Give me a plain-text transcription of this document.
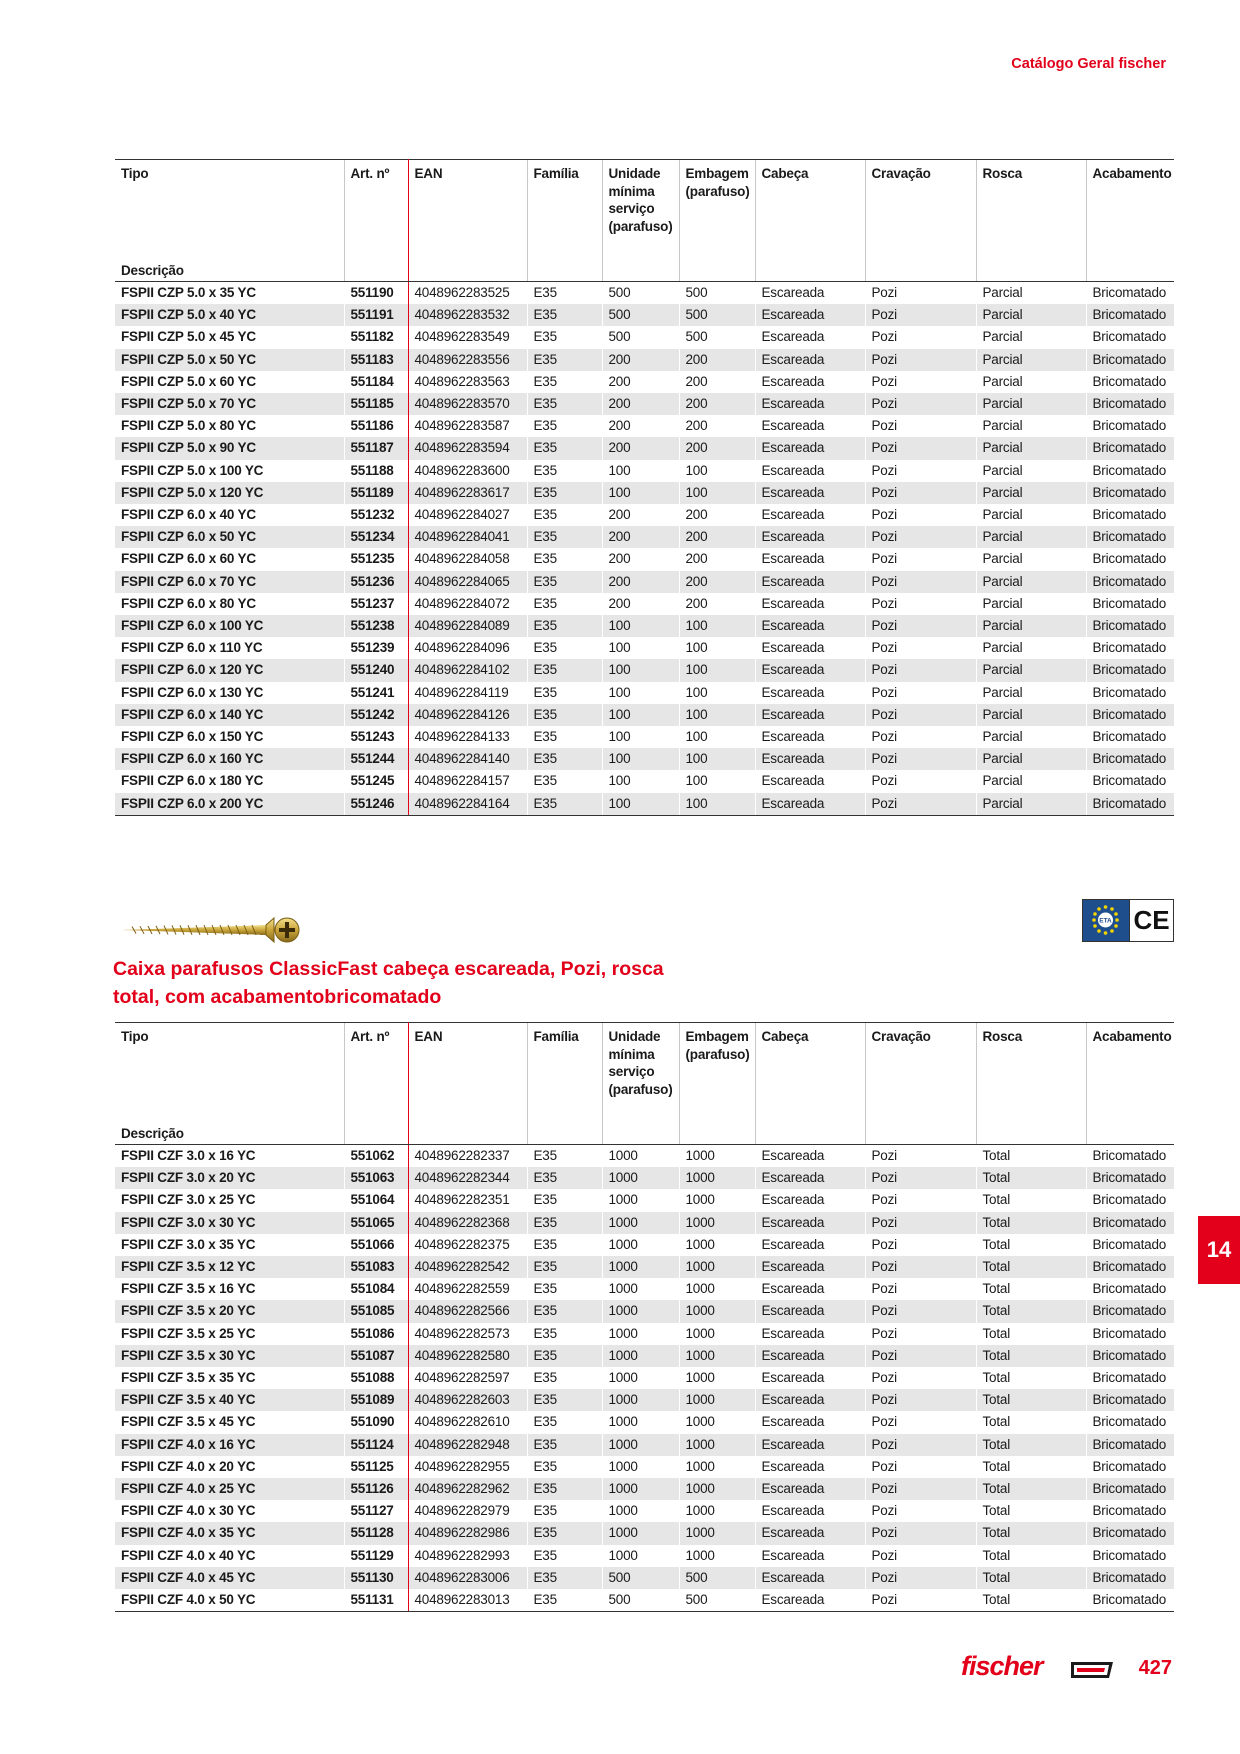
Catálogo Geral fischer
Tipo
Descrição	Art. nº	EAN	Família	Unidade mínima serviço (parafuso)	Embagem (parafuso)	Cabeça	Cravação	Rosca	Acabamento
FSPII CZP 5.0 x 35 YC	551190	4048962283525	E35	500	500	Escareada	Pozi	Parcial	Bricomatado
FSPII CZP 5.0 x 40 YC	551191	4048962283532	E35	500	500	Escareada	Pozi	Parcial	Bricomatado
FSPII CZP 5.0 x 45 YC	551182	4048962283549	E35	500	500	Escareada	Pozi	Parcial	Bricomatado
FSPII CZP 5.0 x 50 YC	551183	4048962283556	E35	200	200	Escareada	Pozi	Parcial	Bricomatado
FSPII CZP 5.0 x 60 YC	551184	4048962283563	E35	200	200	Escareada	Pozi	Parcial	Bricomatado
FSPII CZP 5.0 x 70 YC	551185	4048962283570	E35	200	200	Escareada	Pozi	Parcial	Bricomatado
FSPII CZP 5.0 x 80 YC	551186	4048962283587	E35	200	200	Escareada	Pozi	Parcial	Bricomatado
FSPII CZP 5.0 x 90 YC	551187	4048962283594	E35	200	200	Escareada	Pozi	Parcial	Bricomatado
FSPII CZP 5.0 x 100 YC	551188	4048962283600	E35	100	100	Escareada	Pozi	Parcial	Bricomatado
FSPII CZP 5.0 x 120 YC	551189	4048962283617	E35	100	100	Escareada	Pozi	Parcial	Bricomatado
FSPII CZP 6.0 x 40 YC	551232	4048962284027	E35	200	200	Escareada	Pozi	Parcial	Bricomatado
FSPII CZP 6.0 x 50 YC	551234	4048962284041	E35	200	200	Escareada	Pozi	Parcial	Bricomatado
FSPII CZP 6.0 x 60 YC	551235	4048962284058	E35	200	200	Escareada	Pozi	Parcial	Bricomatado
FSPII CZP 6.0 x 70 YC	551236	4048962284065	E35	200	200	Escareada	Pozi	Parcial	Bricomatado
FSPII CZP 6.0 x 80 YC	551237	4048962284072	E35	200	200	Escareada	Pozi	Parcial	Bricomatado
FSPII CZP 6.0 x 100 YC	551238	4048962284089	E35	100	100	Escareada	Pozi	Parcial	Bricomatado
FSPII CZP 6.0 x 110 YC	551239	4048962284096	E35	100	100	Escareada	Pozi	Parcial	Bricomatado
FSPII CZP 6.0 x 120 YC	551240	4048962284102	E35	100	100	Escareada	Pozi	Parcial	Bricomatado
FSPII CZP 6.0 x 130 YC	551241	4048962284119	E35	100	100	Escareada	Pozi	Parcial	Bricomatado
FSPII CZP 6.0 x 140 YC	551242	4048962284126	E35	100	100	Escareada	Pozi	Parcial	Bricomatado
FSPII CZP 6.0 x 150 YC	551243	4048962284133	E35	100	100	Escareada	Pozi	Parcial	Bricomatado
FSPII CZP 6.0 x 160 YC	551244	4048962284140	E35	100	100	Escareada	Pozi	Parcial	Bricomatado
FSPII CZP 6.0 x 180 YC	551245	4048962284157	E35	100	100	Escareada	Pozi	Parcial	Bricomatado
FSPII CZP 6.0 x 200 YC	551246	4048962284164	E35	100	100	Escareada	Pozi	Parcial	Bricomatado
ETA CE
Caixa parafusos ClassicFast cabeça escareada, Pozi, rosca total, com acabamentobricomatado
Tipo
Descrição	Art. nº	EAN	Família	Unidade mínima serviço (parafuso)	Embagem (parafuso)	Cabeça	Cravação	Rosca	Acabamento
FSPII CZF 3.0 x 16 YC	551062	4048962282337	E35	1000	1000	Escareada	Pozi	Total	Bricomatado
FSPII CZF 3.0 x 20 YC	551063	4048962282344	E35	1000	1000	Escareada	Pozi	Total	Bricomatado
FSPII CZF 3.0 x 25 YC	551064	4048962282351	E35	1000	1000	Escareada	Pozi	Total	Bricomatado
FSPII CZF 3.0 x 30 YC	551065	4048962282368	E35	1000	1000	Escareada	Pozi	Total	Bricomatado
FSPII CZF 3.0 x 35 YC	551066	4048962282375	E35	1000	1000	Escareada	Pozi	Total	Bricomatado
FSPII CZF 3.5 x 12 YC	551083	4048962282542	E35	1000	1000	Escareada	Pozi	Total	Bricomatado
FSPII CZF 3.5 x 16 YC	551084	4048962282559	E35	1000	1000	Escareada	Pozi	Total	Bricomatado
FSPII CZF 3.5 x 20 YC	551085	4048962282566	E35	1000	1000	Escareada	Pozi	Total	Bricomatado
FSPII CZF 3.5 x 25 YC	551086	4048962282573	E35	1000	1000	Escareada	Pozi	Total	Bricomatado
FSPII CZF 3.5 x 30 YC	551087	4048962282580	E35	1000	1000	Escareada	Pozi	Total	Bricomatado
FSPII CZF 3.5 x 35 YC	551088	4048962282597	E35	1000	1000	Escareada	Pozi	Total	Bricomatado
FSPII CZF 3.5 x 40 YC	551089	4048962282603	E35	1000	1000	Escareada	Pozi	Total	Bricomatado
FSPII CZF 3.5 x 45 YC	551090	4048962282610	E35	1000	1000	Escareada	Pozi	Total	Bricomatado
FSPII CZF 4.0 x 16 YC	551124	4048962282948	E35	1000	1000	Escareada	Pozi	Total	Bricomatado
FSPII CZF 4.0 x 20 YC	551125	4048962282955	E35	1000	1000	Escareada	Pozi	Total	Bricomatado
FSPII CZF 4.0 x 25 YC	551126	4048962282962	E35	1000	1000	Escareada	Pozi	Total	Bricomatado
FSPII CZF 4.0 x 30 YC	551127	4048962282979	E35	1000	1000	Escareada	Pozi	Total	Bricomatado
FSPII CZF 4.0 x 35 YC	551128	4048962282986	E35	1000	1000	Escareada	Pozi	Total	Bricomatado
FSPII CZF 4.0 x 40 YC	551129	4048962282993	E35	1000	1000	Escareada	Pozi	Total	Bricomatado
FSPII CZF 4.0 x 45 YC	551130	4048962283006	E35	500	500	Escareada	Pozi	Total	Bricomatado
FSPII CZF 4.0 x 50 YC	551131	4048962283013	E35	500	500	Escareada	Pozi	Total	Bricomatado
14
fischer	427
